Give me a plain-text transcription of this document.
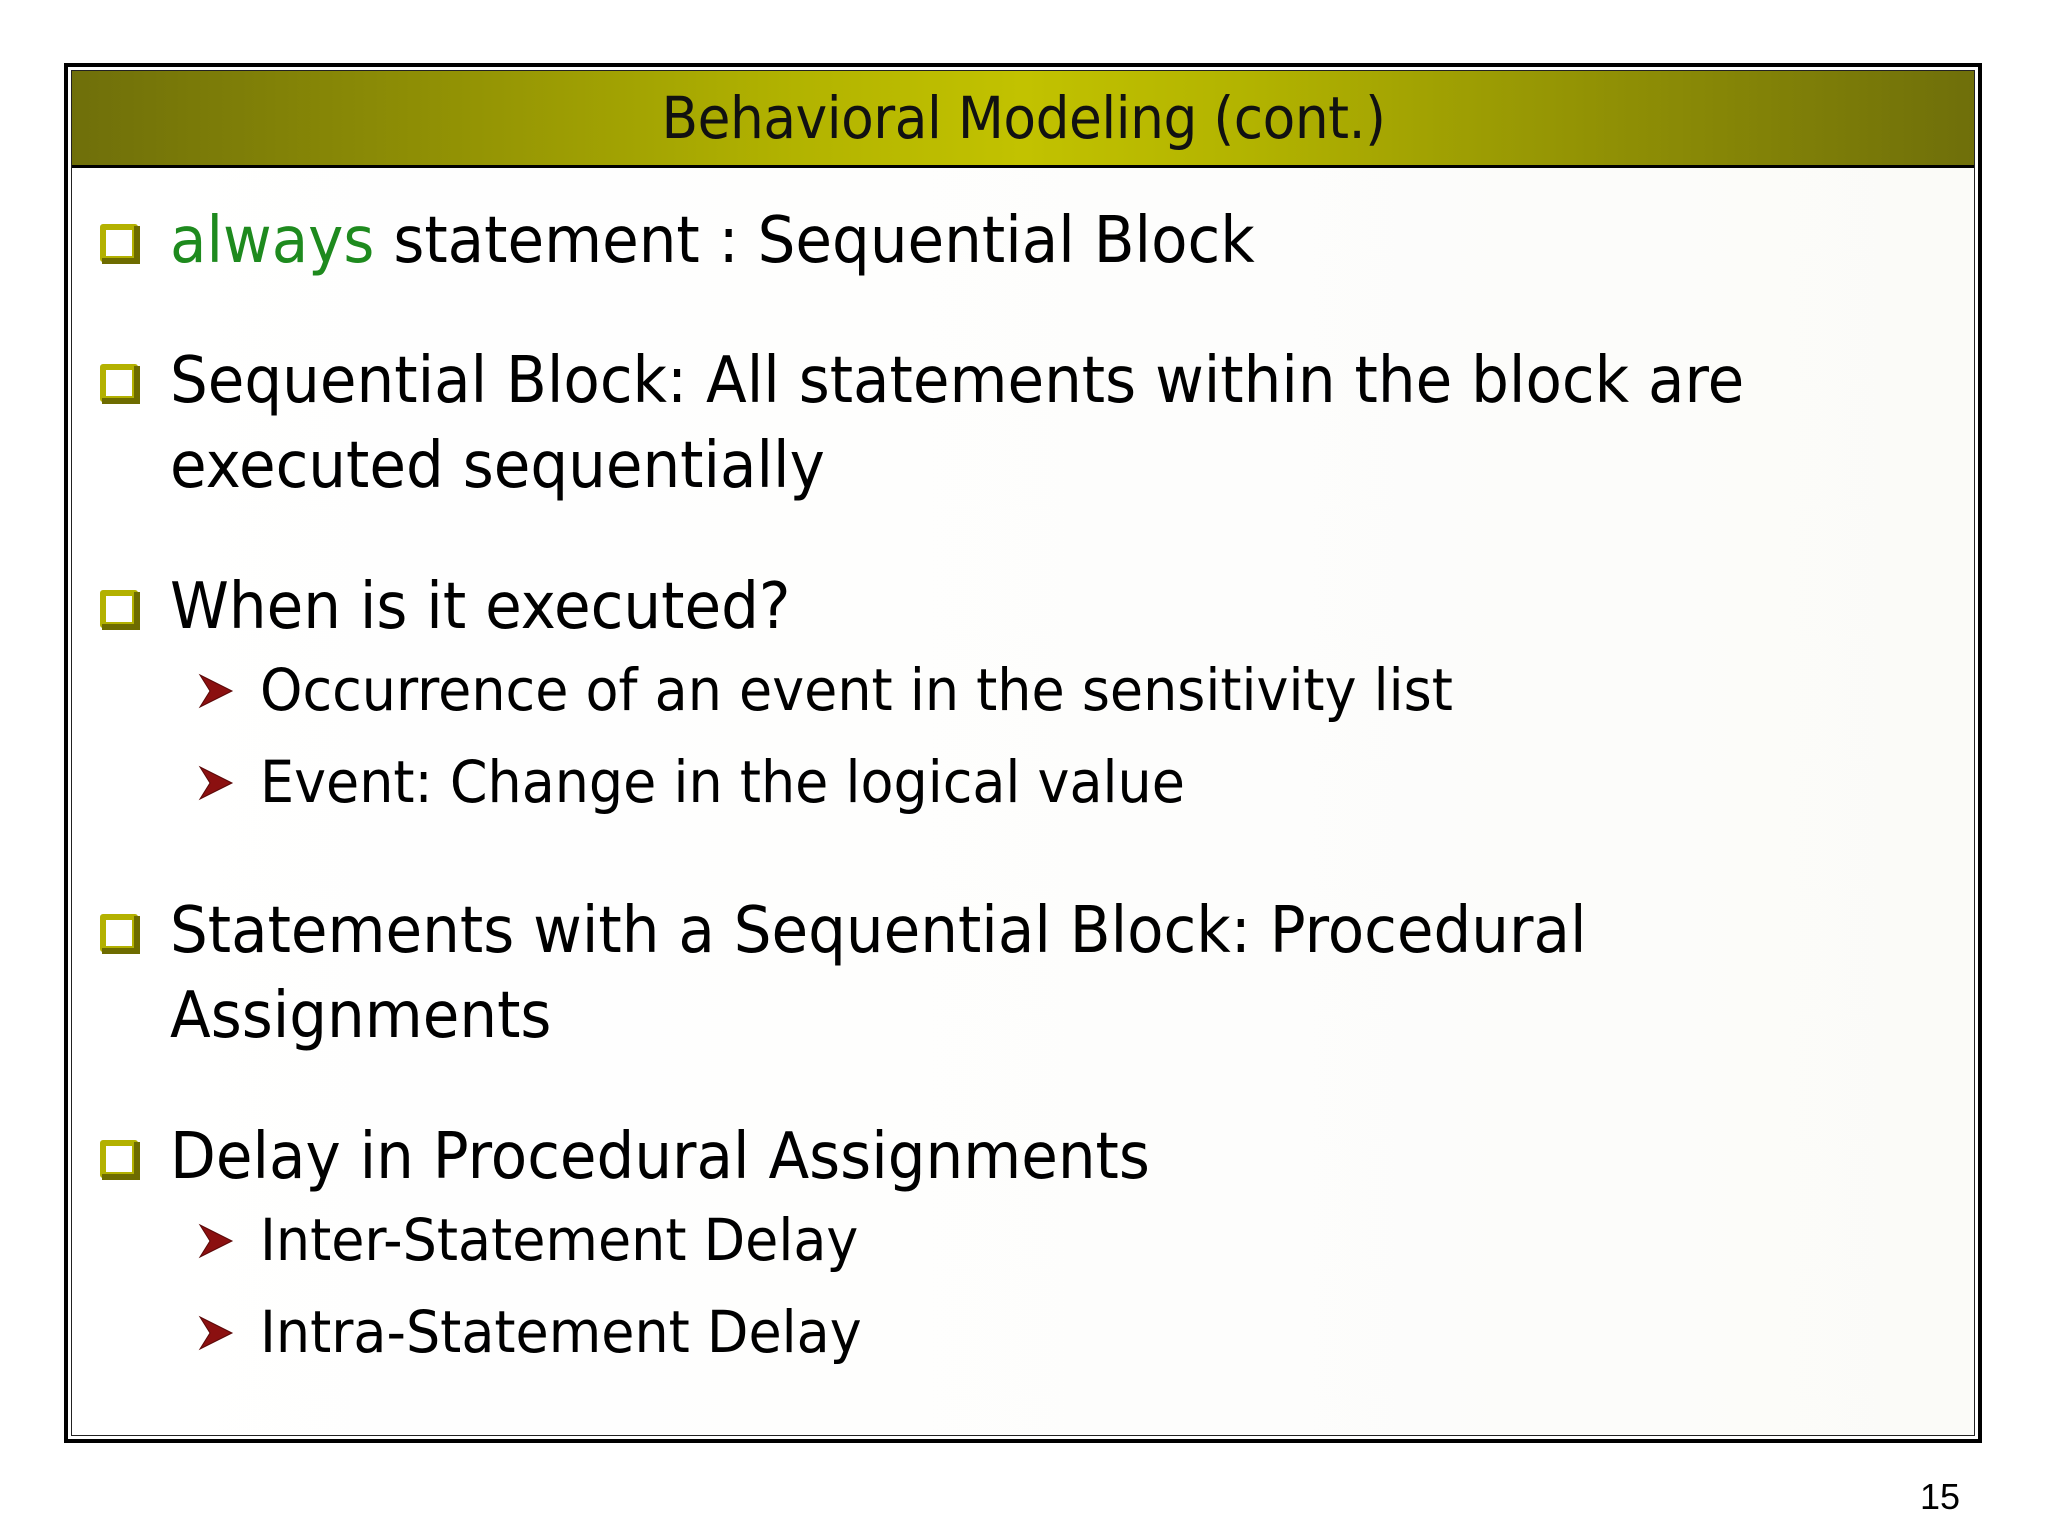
Behavioral Modeling (cont.)
always statement : Sequential Block
Sequential Block: All statements within the block are
executed sequentially
When is it executed?
Occurrence of an event in the sensitivity list
Event: Change in the logical value
Statements with a Sequential Block: Procedural
Assignments
Delay in Procedural Assignments
Inter-Statement Delay
Intra-Statement Delay
15
